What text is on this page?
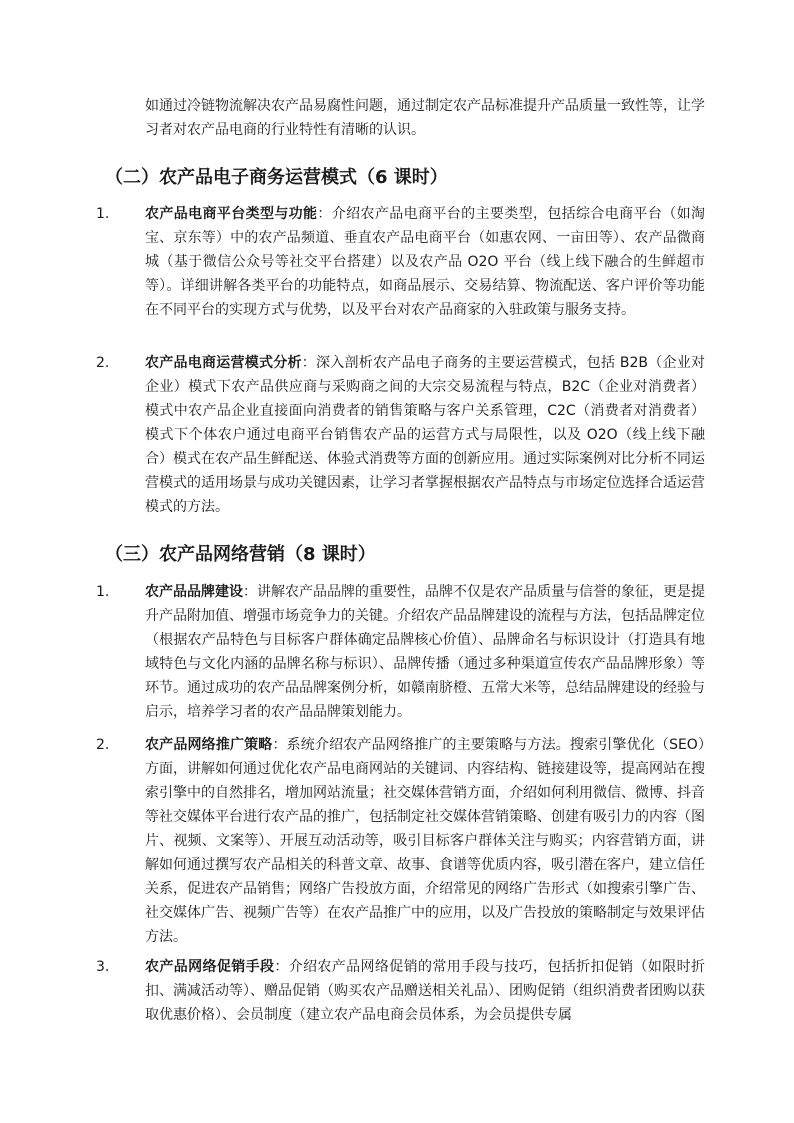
如通过冷链物流解决农产品易腐性问题，通过制定农产品标准提升产品质量一致性等，让学习者对农产品电商的行业特性有清晰的认识。

（二）农产品电子商务运营模式（6 课时）
1.	农产品电商平台类型与功能：介绍农产品电商平台的主要类型，包括综合电商平台（如淘宝、京东等）中的农产品频道、垂直农产品电商平台（如惠农网、一亩田等）、农产品微商城（基于微信公众号等社交平台搭建）以及农产品 O2O 平台（线上线下融合的生鲜超市等）。详细讲解各类平台的功能特点，如商品展示、交易结算、物流配送、客户评价等功能在不同平台的实现方式与优势，以及平台对农产品商家的入驻政策与服务支持。

2.	农产品电商运营模式分析：深入剖析农产品电子商务的主要运营模式，包括 B2B（企业对企业）模式下农产品供应商与采购商之间的大宗交易流程与特点，B2C（企业对消费者）模式中农产品企业直接面向消费者的销售策略与客户关系管理，C2C（消费者对消费者）模式下个体农户通过电商平台销售农产品的运营方式与局限性，以及 O2O（线上线下融合）模式在农产品生鲜配送、体验式消费等方面的创新应用。通过实际案例对比分析不同运营模式的适用场景与成功关键因素，让学习者掌握根据农产品特点与市场定位选择合适运营模式的方法。

（三）农产品网络营销（8 课时）
1.	农产品品牌建设：讲解农产品品牌的重要性，品牌不仅是农产品质量与信誉的象征，更是提升产品附加值、增强市场竞争力的关键。介绍农产品品牌建设的流程与方法，包括品牌定位（根据农产品特色与目标客户群体确定品牌核心价值）、品牌命名与标识设计（打造具有地域特色与文化内涵的品牌名称与标识）、品牌传播（通过多种渠道宣传农产品品牌形象）等环节。通过成功的农产品品牌案例分析，如赣南脐橙、五常大米等，总结品牌建设的经验与启示，培养学习者的农产品品牌策划能力。

2.	农产品网络推广策略：系统介绍农产品网络推广的主要策略与方法。搜索引擎优化（SEO）方面，讲解如何通过优化农产品电商网站的关键词、内容结构、链接建设等，提高网站在搜索引擎中的自然排名，增加网站流量；社交媒体营销方面，介绍如何利用微信、微博、抖音等社交媒体平台进行农产品的推广，包括制定社交媒体营销策略、创建有吸引力的内容（图片、视频、文案等）、开展互动活动等，吸引目标客户群体关注与购买；内容营销方面，讲解如何通过撰写农产品相关的科普文章、故事、食谱等优质内容，吸引潜在客户，建立信任关系，促进农产品销售；网络广告投放方面，介绍常见的网络广告形式（如搜索引擎广告、社交媒体广告、视频广告等）在农产品推广中的应用，以及广告投放的策略制定与效果评估方法。

3.	农产品网络促销手段：介绍农产品网络促销的常用手段与技巧，包括折扣促销（如限时折扣、满减活动等）、赠品促销（购买农产品赠送相关礼品）、团购促销（组织消费者团购以获取优惠价格）、会员制度（建立农产品电商会员体系，为会员提供专属
